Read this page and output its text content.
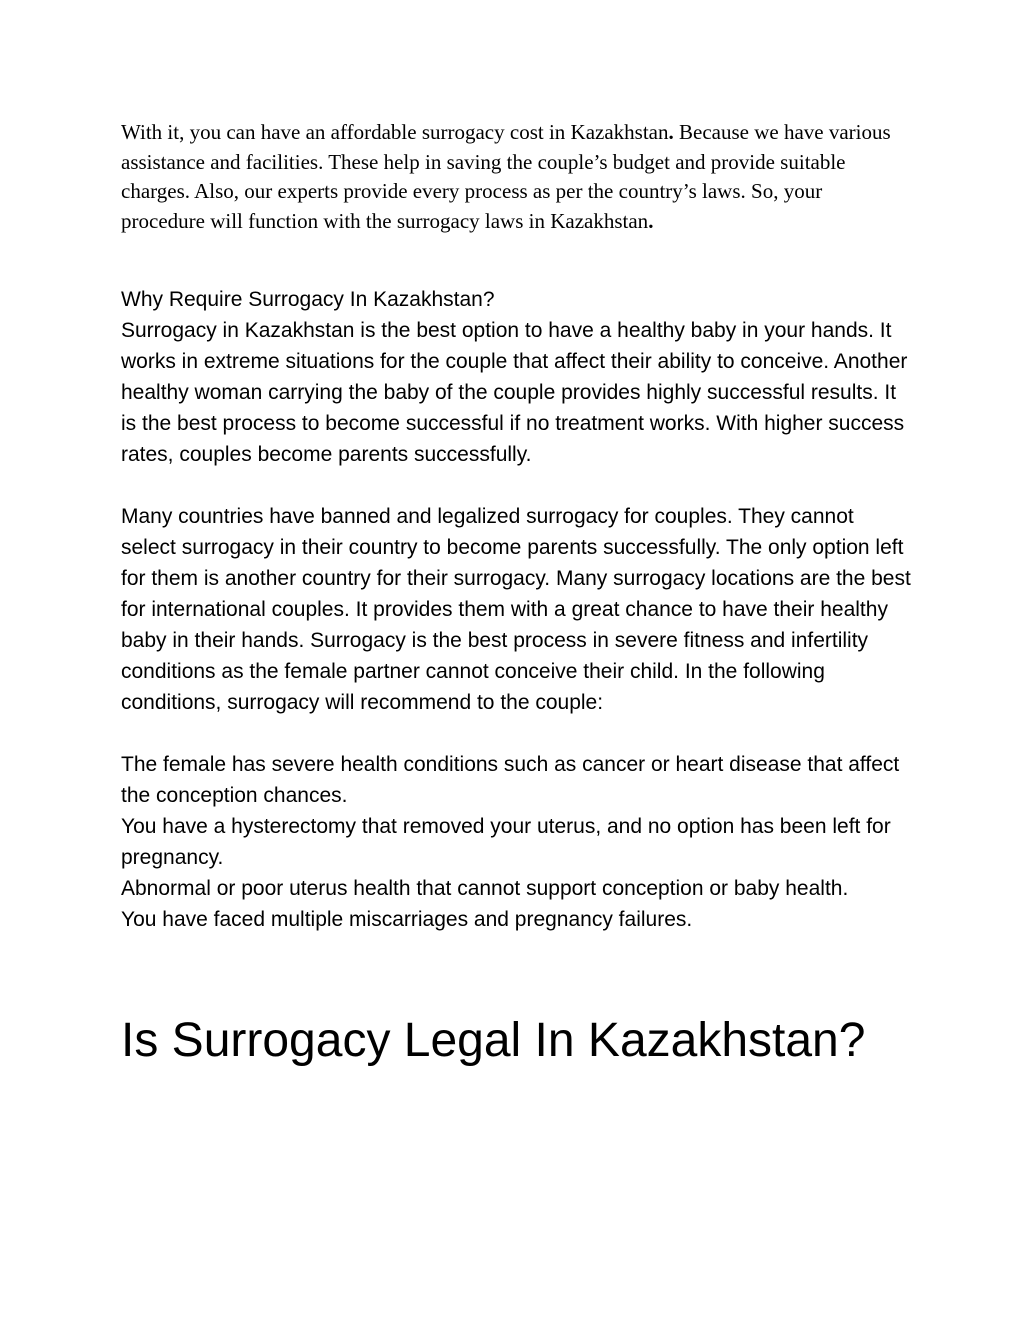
With it, you can have an affordable surrogacy cost in Kazakhstan. Because we have various assistance and facilities. These help in saving the couple’s budget and provide suitable charges. Also, our experts provide every process as per the country’s laws. So, your procedure will function with the surrogacy laws in Kazakhstan.

Why Require Surrogacy In Kazakhstan?

Surrogacy in Kazakhstan is the best option to have a healthy baby in your hands. It works in extreme situations for the couple that affect their ability to conceive. Another healthy woman carrying the baby of the couple provides highly successful results. It is the best process to become successful if no treatment works. With higher success rates, couples become parents successfully.

Many countries have banned and legalized surrogacy for couples. They cannot select surrogacy in their country to become parents successfully. The only option left for them is another country for their surrogacy. Many surrogacy locations are the best for international couples. It provides them with a great chance to have their healthy baby in their hands. Surrogacy is the best process in severe fitness and infertility conditions as the female partner cannot conceive their child. In the following conditions, surrogacy will recommend to the couple:

The female has severe health conditions such as cancer or heart disease that affect the conception chances.

You have a hysterectomy that removed your uterus, and no option has been left for pregnancy.

Abnormal or poor uterus health that cannot support conception or baby health.

You have faced multiple miscarriages and pregnancy failures.

Is Surrogacy Legal In Kazakhstan?
